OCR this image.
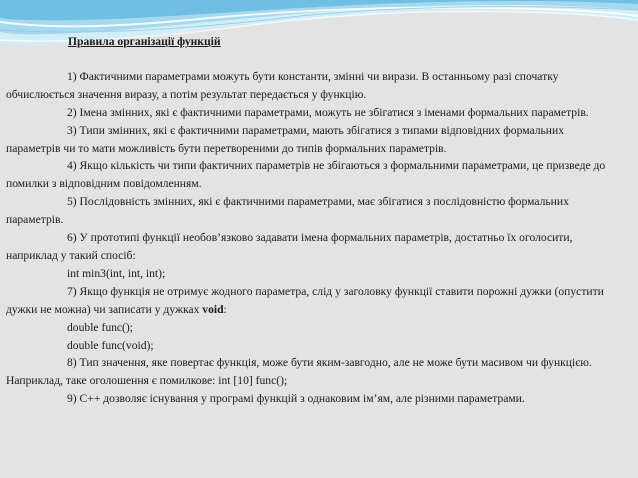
Правила організації функцій

1) Фактичними параметрами можуть бути константи, змінні чи вирази. В останньому разі спочатку обчислюється значення виразу, а потім результат передається у функцію.

2) Імена змінних, які є фактичними параметрами, можуть не збігатися з іменами формальних параметрів.

3) Типи змінних, які є фактичними параметрами, мають збігатися з типами відповідних формальних параметрів чи то мати можливість бути перетвореними до типів формальних параметрів.

4) Якщо кількість чи типи фактичних параметрів не збігаються з формальними параметрами, це призведе до помилки з відповідним повідомленням.

5) Послідовність змінних, які є фактичними параметрами, має збігатися з послідовністю формальних параметрів.

6) У прототипі функції необов’язково задавати імена формальних параметрів, достатньо їх оголосити, наприклад у такий спосіб:

int min3(int, int, int);

7) Якщо функція не отримує жодного параметра, слід у заголовку функції ставити порожні дужки (опустити дужки не можна) чи записати у дужках void:

double func();

double func(void);

8) Тип значення, яке повертає функція, може бути яким-завгодно, але не може бути масивом чи функцією. Наприклад, таке оголошення є помилкове: int [10] func();

9) С++ дозволяє існування у програмі функцій з однаковим ім’ям, але різними параметрами.
